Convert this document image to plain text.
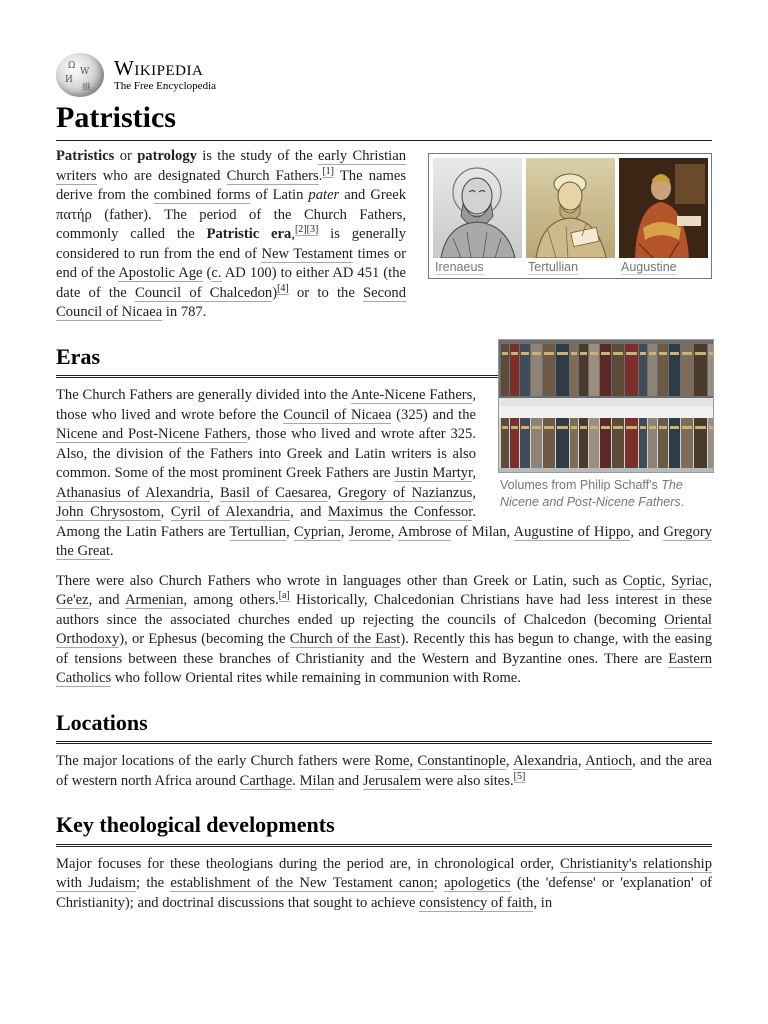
Ω
W
И
維
Wikipedia
The Free Encyclopedia
Patristics
Irenaeus	Tertullian	Augustine

Patristics or patrology is the study of the early Christian writers who are designated Church Fathers.[1] The names derive from the combined forms of Latin pater and Greek πατήρ (father). The period of the Church Fathers, commonly called the Patristic era,[2][3] is generally considered to run from the end of New Testament times or end of the Apostolic Age (c. AD 100) to either AD 451 (the date of the Council of Chalcedon)[4] or to the Second Council of Nicaea in 787.

Volumes from Philip Schaff's The Nicene and Post-Nicene Fathers.
Eras

The Church Fathers are generally divided into the Ante-Nicene Fathers, those who lived and wrote before the Council of Nicaea (325) and the Nicene and Post-Nicene Fathers, those who lived and wrote after 325. Also, the division of the Fathers into Greek and Latin writers is also common. Some of the most prominent Greek Fathers are Justin Martyr, Athanasius of Alexandria, Basil of Caesarea, Gregory of Nazianzus, John Chrysostom, Cyril of Alexandria, and Maximus the Confessor. Among the Latin Fathers are Tertullian, Cyprian, Jerome, Ambrose of Milan, Augustine of Hippo, and Gregory the Great.

There were also Church Fathers who wrote in languages other than Greek or Latin, such as Coptic, Syriac, Ge'ez, and Armenian, among others.[a] Historically, Chalcedonian Christians have had less interest in these authors since the associated churches ended up rejecting the councils of Chalcedon (becoming Oriental Orthodoxy), or Ephesus (becoming the Church of the East). Recently this has begun to change, with the easing of tensions between these branches of Christianity and the Western and Byzantine ones. There are Eastern Catholics who follow Oriental rites while remaining in communion with Rome.

Locations

The major locations of the early Church fathers were Rome, Constantinople, Alexandria, Antioch, and the area of western north Africa around Carthage. Milan and Jerusalem were also sites.[5]

Key theological developments

Major focuses for these theologians during the period are, in chronological order, Christianity's relationship with Judaism; the establishment of the New Testament canon; apologetics (the 'defense' or 'explanation' of Christianity); and doctrinal discussions that sought to achieve consistency of faith, in
